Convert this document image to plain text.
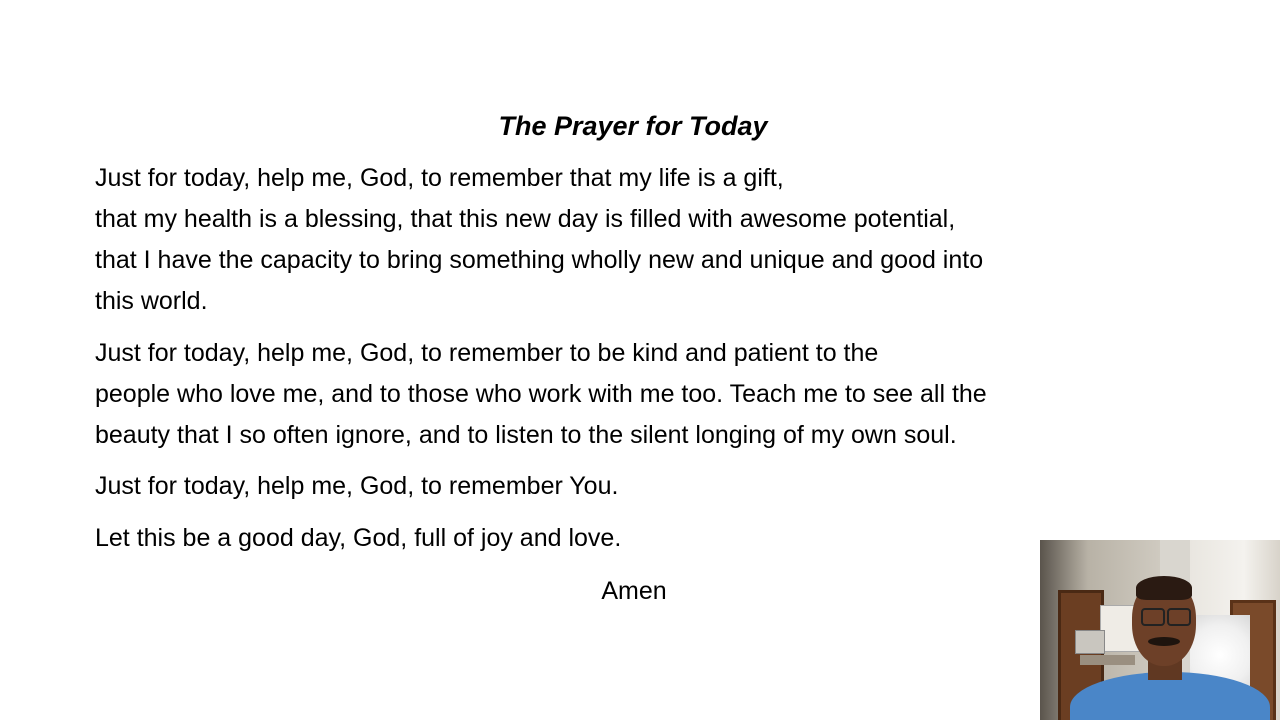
The Prayer for Today
Just for today, help me, God, to remember that my life is a gift,
that my health is a blessing, that this new day is filled with awesome potential,
that I have the capacity to bring something wholly new and unique and good into
this world.
Just for today, help me, God, to remember to be kind and patient to the
people who love me, and to those who work with me too. Teach me to see all the
beauty that I so often ignore, and to listen to the silent longing of my own soul.
Just for today, help me, God, to remember You.
Let this be a good day, God, full of joy and love.
Amen
